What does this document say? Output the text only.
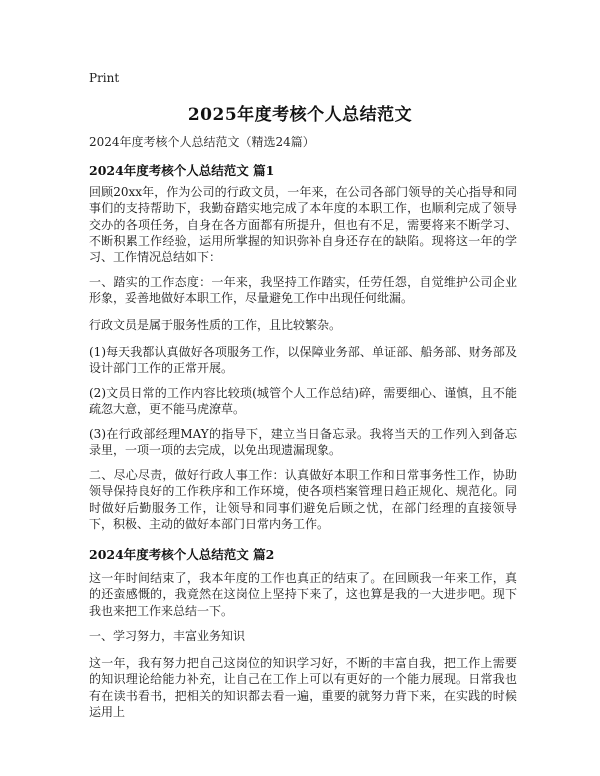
Print
2025年度考核个人总结范文
2024年度考核个人总结范文（精选24篇）
2024年度考核个人总结范文 篇1
回顾20xx年，作为公司的行政文员，一年来，在公司各部门领导的关心指导和同事们的支持帮助下，我勤奋踏实地完成了本年度的本职工作，也顺利完成了领导交办的各项任务，自身在各方面都有所提升，但也有不足，需要将来不断学习、不断积累工作经验，运用所掌握的知识弥补自身还存在的缺陷。现将这一年的学习、工作情况总结如下：
一、踏实的工作态度：一年来，我坚持工作踏实，任劳任怨，自觉维护公司企业形象，妥善地做好本职工作，尽量避免工作中出现任何纰漏。
行政文员是属于服务性质的工作，且比较繁杂。
(1)每天我都认真做好各项服务工作，以保障业务部、单证部、船务部、财务部及设计部门工作的正常开展。
(2)文员日常的工作内容比较琐(城管个人工作总结)碎，需要细心、谨慎，且不能疏忽大意，更不能马虎潦草。
(3)在行政部经理MAY的指导下，建立当日备忘录。我将当天的工作列入到备忘录里，一项一项的去完成，以免出现遗漏现象。
二、尽心尽责，做好行政人事工作：认真做好本职工作和日常事务性工作，协助领导保持良好的工作秩序和工作环境，使各项档案管理日趋正规化、规范化。同时做好后勤服务工作，让领导和同事们避免后顾之忧，在部门经理的直接领导下，积极、主动的做好本部门日常内务工作。
2024年度考核个人总结范文 篇2
这一年时间结束了，我本年度的工作也真正的结束了。在回顾我一年来工作，真的还蛮感慨的，我竟然在这岗位上坚持下来了，这也算是我的一大进步吧。现下我也来把工作来总结一下。
一、学习努力，丰富业务知识
这一年，我有努力把自己这岗位的知识学习好，不断的丰富自我，把工作上需要的知识理论给能力补充，让自己在工作上可以有更好的一个能力展现。日常我也有在读书看书，把相关的知识都去看一遍，重要的就努力背下来，在实践的时候运用上
